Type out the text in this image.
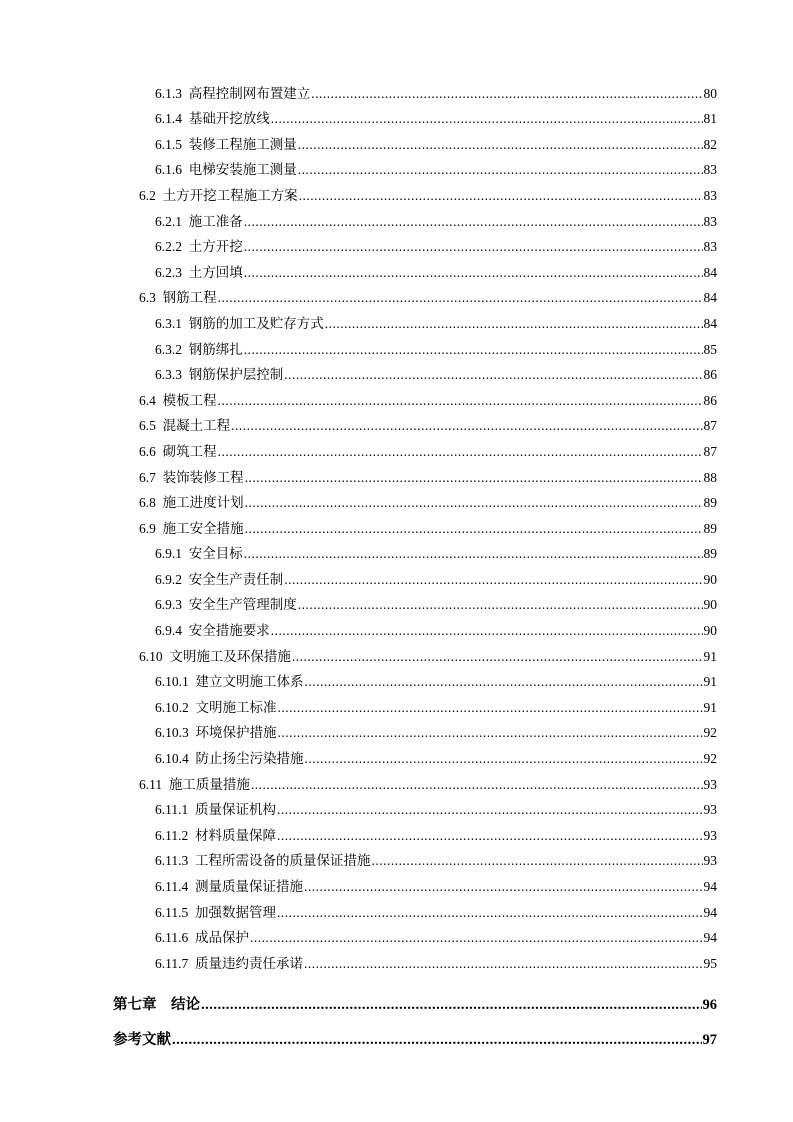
6.1.3 高程控制网布置建立 .....	80
6.1.4 基础开挖放线 .....	81
6.1.5 装修工程施工测量 .....	82
6.1.6 电梯安装施工测量 .....	83
6.2 土方开挖工程施工方案 .....	83
6.2.1 施工准备 .....	83
6.2.2 土方开挖 .....	83
6.2.3 土方回填 .....	84
6.3 钢筋工程 .....	84
6.3.1 钢筋的加工及贮存方式 .....	84
6.3.2 钢筋绑扎 .....	85
6.3.3 钢筋保护层控制 .....	86
6.4 模板工程 .....	86
6.5 混凝土工程 .....	87
6.6 砌筑工程 .....	87
6.7 装饰装修工程 .....	88
6.8 施工进度计划 .....	89
6.9 施工安全措施 .....	89
6.9.1 安全目标 .....	89
6.9.2 安全生产责任制 .....	90
6.9.3 安全生产管理制度 .....	90
6.9.4 安全措施要求 .....	90
6.10 文明施工及环保措施 .....	91
6.10.1 建立文明施工体系 .....	91
6.10.2 文明施工标准 .....	91
6.10.3 环境保护措施 .....	92
6.10.4 防止扬尘污染措施 .....	92
6.11 施工质量措施 .....	93
6.11.1 质量保证机构 .....	93
6.11.2 材料质量保障 .....	93
6.11.3 工程所需设备的质量保证措施 .....	93
6.11.4 测量质量保证措施 .....	94
6.11.5 加强数据管理 .....	94
6.11.6 成品保护 .....	94
6.11.7 质量违约责任承诺 .....	95
第七章 结论 .....	96
参考文献 .....	97
